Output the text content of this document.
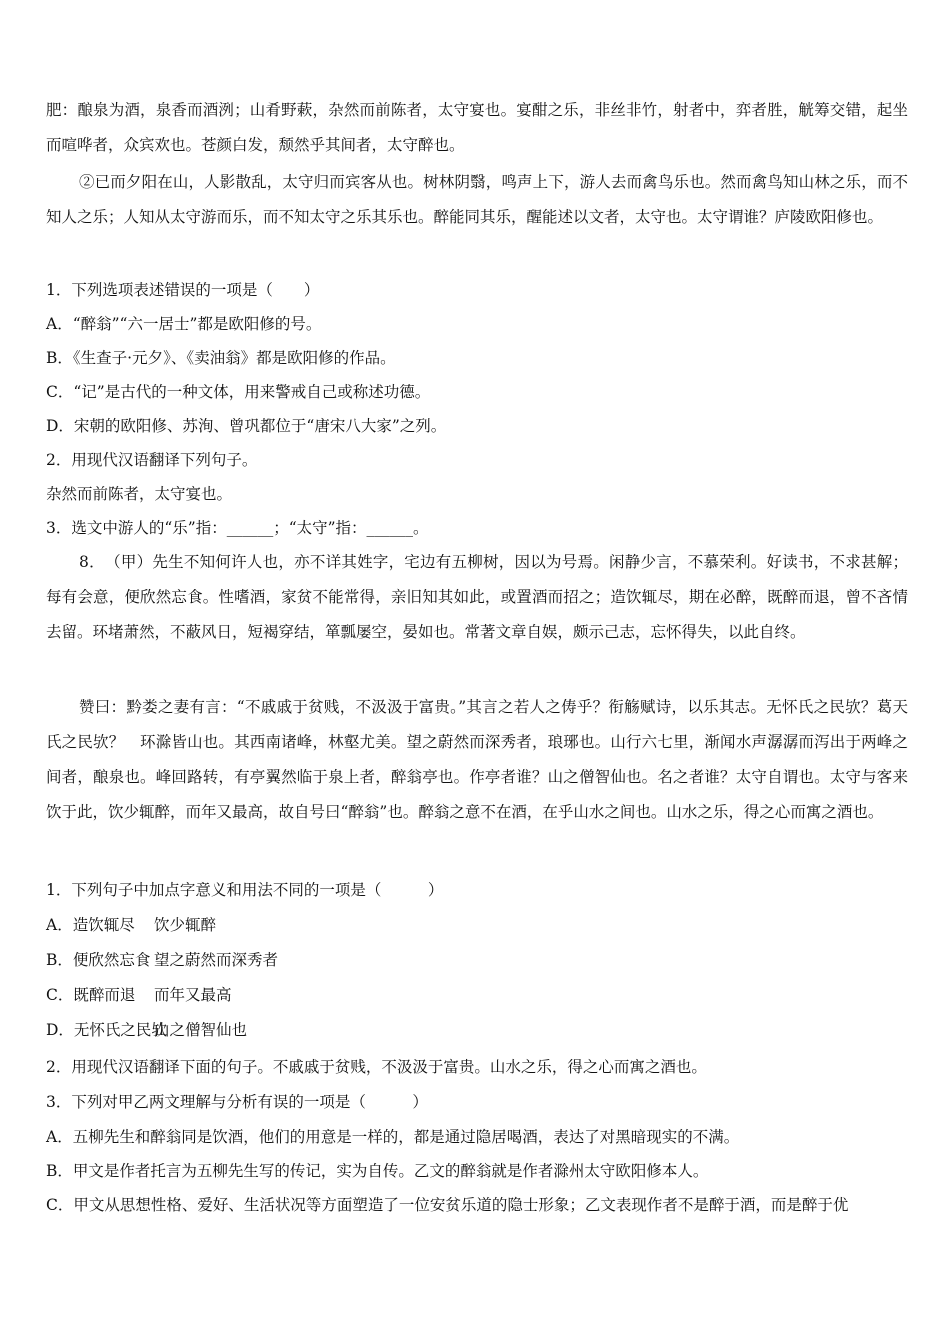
肥：酿泉为酒，泉香而酒洌；山肴野蔌，杂然而前陈者，太守宴也。宴酣之乐，非丝非竹，射者中，弈者胜，觥筹交错，起坐而喧哗者，众宾欢也。苍颜白发，颓然乎其间者，太守醉也。
②已而夕阳在山，人影散乱，太守归而宾客从也。树林阴翳，鸣声上下，游人去而禽鸟乐也。然而禽鸟知山林之乐，而不知人之乐；人知从太守游而乐，而不知太守之乐其乐也。醉能同其乐，醒能述以文者，太守也。太守谓谁？庐陵欧阳修也。
1．下列选项表述错误的一项是（　　）
A．“醉翁”“六一居士”都是欧阳修的号。
B．《生查子·元夕》、《卖油翁》都是欧阳修的作品。
C．“记”是古代的一种文体，用来警戒自己或称述功德。
D．宋朝的欧阳修、苏洵、曾巩都位于“唐宋八大家”之列。
2．用现代汉语翻译下列句子。
杂然而前陈者，太守宴也。
3．选文中游人的“乐”指：______；“太守”指：______。
8．　（甲）先生不知何许人也，亦不详其姓字，宅边有五柳树，因以为号焉。闲静少言，不慕荣利。好读书，不求甚解；每有会意，便欣然忘食。性嗜酒，家贫不能常得，亲旧知其如此，或置酒而招之；造饮辄尽，期在必醉，既醉而退，曾不吝情去留。环堵萧然，不蔽风日，短褐穿结，箪瓢屡空，晏如也。常著文章自娱，颇示己志，忘怀得失，以此自终。
赞曰：黔娄之妻有言：“不戚戚于贫贱，不汲汲于富贵。”其言之若人之俦乎？衔觞赋诗，以乐其志。无怀氏之民欤？葛天氏之民欤？　环滁皆山也。其西南诸峰，林壑尤美。望之蔚然而深秀者，琅琊也。山行六七里，渐闻水声潺潺而泻出于两峰之间者，酿泉也。峰回路转，有亭翼然临于泉上者，醉翁亭也。作亭者谁？山之僧智仙也。名之者谁？太守自谓也。太守与客来饮于此，饮少辄醉，而年又最高，故自号曰“醉翁”也。醉翁之意不在酒，在乎山水之间也。山水之乐，得之心而寓之酒也。
1．下列句子中加点字意义和用法不同的一项是（　　　）
A．造饮辄尽 饮少辄醉
B．便欣然忘食 望之蔚然而深秀者
C．既醉而退 而年又最高
D．无怀氏之民欤山之僧智仙也
2．用现代汉语翻译下面的句子。不戚戚于贫贱，不汲汲于富贵。山水之乐，得之心而寓之酒也。
3．下列对甲乙两文理解与分析有误的一项是（　　　）
A．五柳先生和醉翁同是饮酒，他们的用意是一样的，都是通过隐居喝酒，表达了对黑暗现实的不满。
B．甲文是作者托言为五柳先生写的传记，实为自传。乙文的醉翁就是作者滁州太守欧阳修本人。
C．甲文从思想性格、爱好、生活状况等方面塑造了一位安贫乐道的隐士形象；乙文表现作者不是醉于酒，而是醉于优
